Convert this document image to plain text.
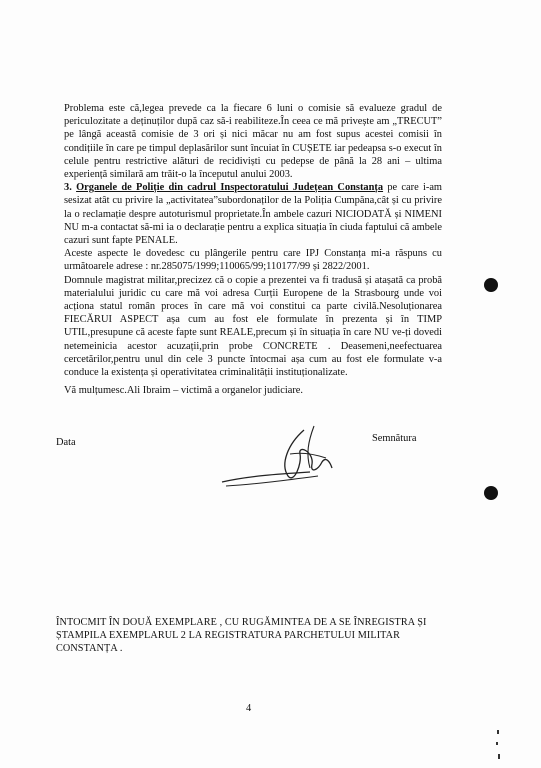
Problema este că,legea prevede ca la fiecare 6 luni o comisie să evalueze gradul de periculozitate a deținuților după caz să-i reabiliteze.În ceea ce mă privește am „TRECUT” pe lângă această comisie de 3 ori și nici măcar nu am fost supus acestei comisii în condițiile în care pe timpul deplasărilor sunt încuiat în CUȘETE iar pedeapsa s-o execut în celule pentru restrictive alături de recidiviști cu pedepse de până la 28 ani – ultima experiență similară am trăit-o la începutul anului 2003.

3. Organele de Poliție din cadrul Inspectoratului Județean Constanța pe care i-am sesizat atât cu privire la „activitatea”subordonaților de la Poliția Cumpăna,cât și cu privire la o reclamație despre autoturismul proprietate.În ambele cazuri NICIODATĂ și NIMENI NU m-a contactat să-mi ia o declarație pentru a explica situația în ciuda faptului că ambele cazuri sunt fapte PENALE.

Aceste aspecte le dovedesc cu plângerile pentru care IPJ Constanța mi-a răspuns cu următoarele adrese : nr.285075/1999;110065/99;110177/99 și 2822/2001.

Domnule magistrat militar,precizez că o copie a prezentei va fi tradusă și atașată ca probă materialului juridic cu care mă voi adresa Curții Europene de la Strasbourg unde voi acționa statul român proces în care mă voi constitui ca parte civilă.Nesoluționarea FIECĂRUI ASPECT așa cum au fost ele formulate în prezenta și în TIMP UTIL,presupune că aceste fapte sunt REALE,precum și în situația în care NU ve-ți dovedi netemeinicia acestor acuzații,prin probe CONCRETE . Deasemeni,neefectuarea cercetărilor,pentru unul din cele 3 puncte întocmai așa cum au fost ele formulate v-a conduce la existența și operativitatea criminalității instituționalizate.

Vă mulțumesc.Ali Ibraim – victimă a organelor judiciare.
Data	Semnătura
ÎNTOCMIT ÎN DOUĂ EXEMPLARE , CU RUGĂMINTEA DE A SE ÎNREGISTRA ȘI ȘTAMPILA EXEMPLARUL 2 LA REGISTRATURA PARCHETULUI MILITAR CONSTANȚA .
4
